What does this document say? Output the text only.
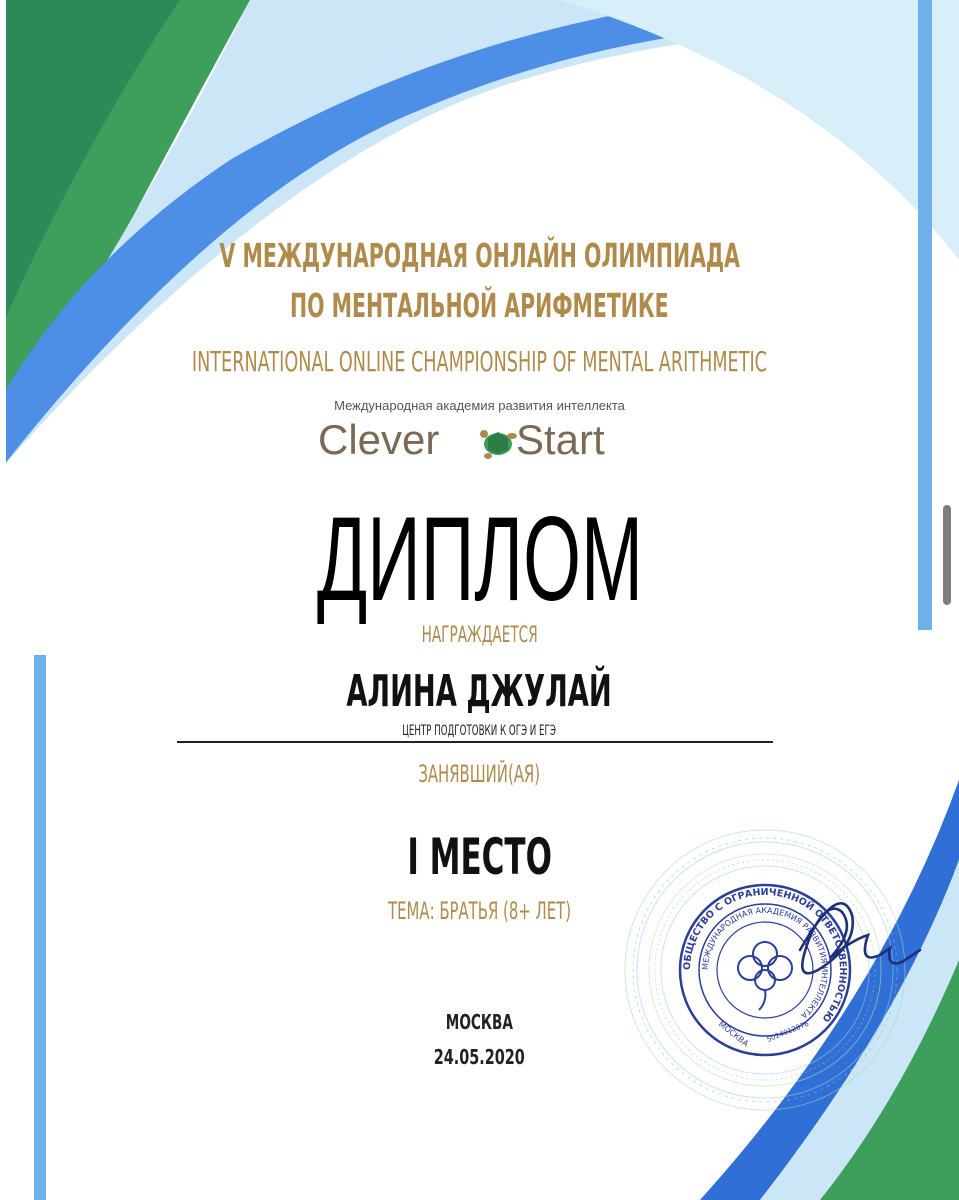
V МЕЖДУНАРОДНАЯ ОНЛАЙН ОЛИМПИАДА
ПО МЕНТАЛЬНОЙ АРИФМЕТИКЕ
INTERNATIONAL ONLINE CHAMPIONSHIP OF MENTAL ARITHMETIC
Международная академия развития интеллекта
Clever Start
ДИПЛОМ
НАГРАЖДАЕТСЯ
АЛИНА ДЖУЛАЙ
ЦЕНТР ПОДГОТОВКИ К ОГЭ И ЕГЭ
ЗАНЯВШИЙ(АЯ)
I МЕСТО
ТЕМА: БРАТЬЯ (8+ ЛЕТ)
МОСКВА
24.05.2020
ОБЩЕСТВО С ОГРАНИЧЕННОЙ ОТВЕТСТВЕННОСТЬЮ
МЕЖДУНАРОДНАЯ АКАДЕМИЯ РАЗВИТИЯ ИНТЕЛЛЕКТА
МОСКВА 5024012876
